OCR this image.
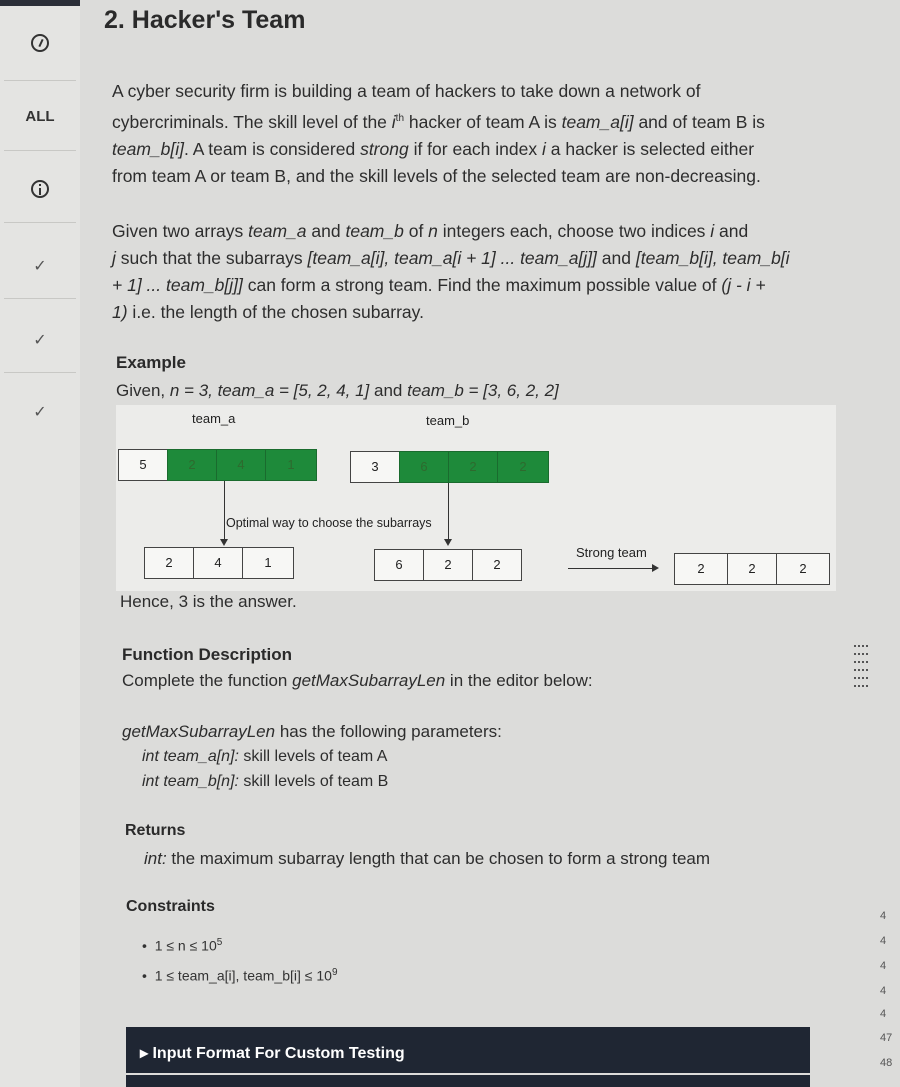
ALL
✓
✓
✓
2. Hacker's Team
A cyber security firm is building a team of hackers to take down a network of
cybercriminals. The skill level of the $i^{th}$ hacker of team A is team_a[i] and of team B is
team_b[i]. A team is considered strong if for each index i a hacker is selected either
from team A or team B, and the skill levels of the selected team are non-decreasing.
Given two arrays team_a and team_b of n integers each, choose two indices i and
j such that the subarrays [team_a[i], team_a[i + 1] ... team_a[j]] and [team_b[i], team_b[i
+ 1] ... team_b[j]] can form a strong team. Find the maximum possible value of (j - i +
1) i.e. the length of the chosen subarray.
Example
Given, n = 3, team_a = [5, 2, 4, 1] and team_b = [3, 6, 2, 2]
team_a	team_b
5	2	4	1	3	6	2	2
Optimal way to choose the subarrays
2	4	1	6	2	2
Strong team
2	2	2
Hence, 3 is the answer.
Function Description
Complete the function getMaxSubarrayLen in the editor below:
getMaxSubarrayLen has the following parameters:
int team_a[n]: skill levels of team A
int team_b[n]: skill levels of team B
Returns
int: the maximum subarray length that can be chosen to form a strong team
Constraints
•  $1 \le n \le 10^5$
•  1 ≤ team_a[i], team_b[i] ≤ $10^9$
▸ Input Format For Custom Testing
4
4
4
4
47
48
4
